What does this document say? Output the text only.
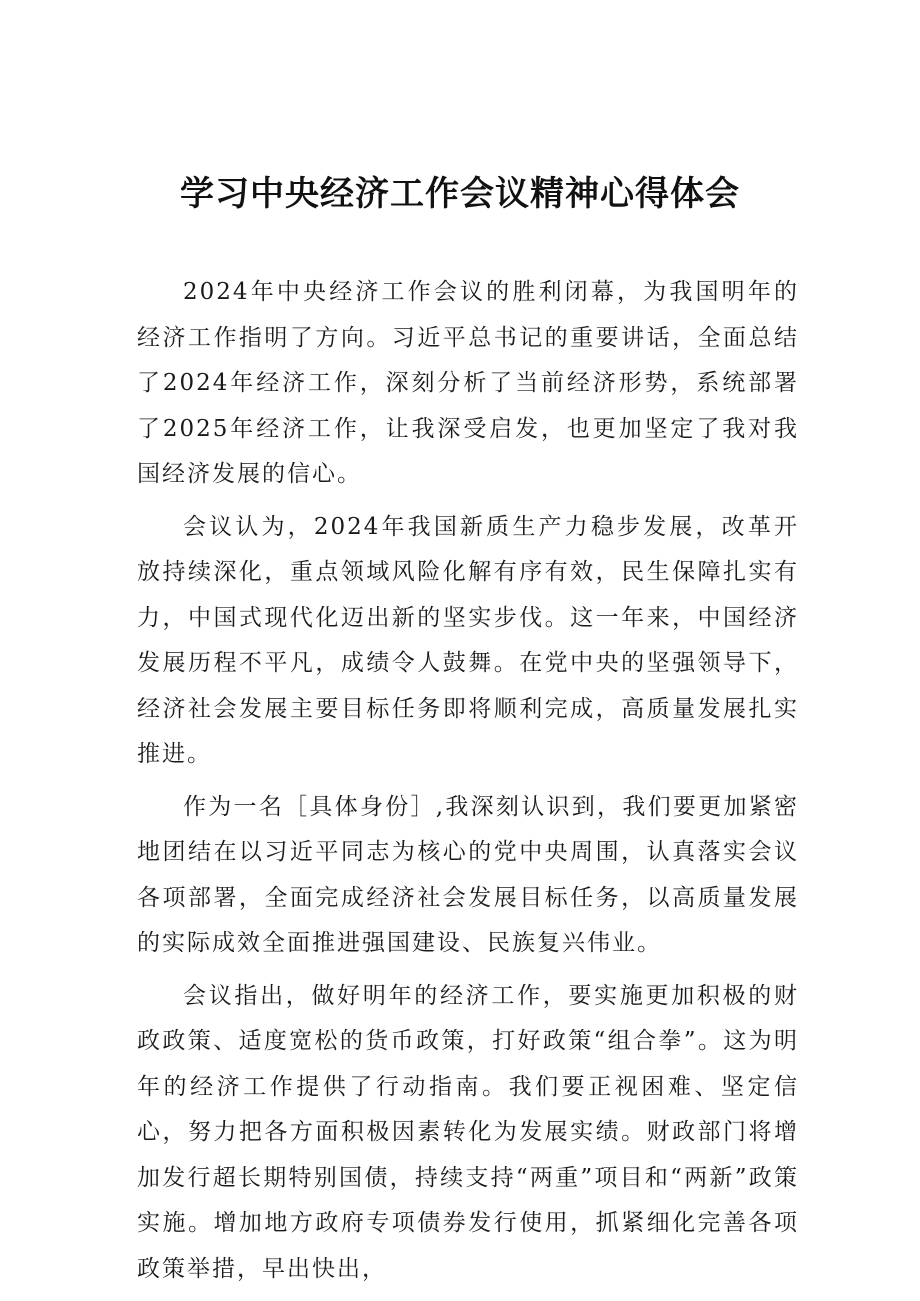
学习中央经济工作会议精神心得体会

2024年中央经济工作会议的胜利闭幕，为我国明年的经济工作指明了方向。习近平总书记的重要讲话，全面总结了2024年经济工作，深刻分析了当前经济形势，系统部署了2025年经济工作，让我深受启发，也更加坚定了我对我国经济发展的信心。

会议认为，2024年我国新质生产力稳步发展，改革开放持续深化，重点领域风险化解有序有效，民生保障扎实有力，中国式现代化迈出新的坚实步伐。这一年来，中国经济发展历程不平凡，成绩令人鼓舞。在党中央的坚强领导下，经济社会发展主要目标任务即将顺利完成，高质量发展扎实推进。

作为一名［具体身份］,我深刻认识到，我们要更加紧密地团结在以习近平同志为核心的党中央周围，认真落实会议各项部署，全面完成经济社会发展目标任务，以高质量发展的实际成效全面推进强国建设、民族复兴伟业。

会议指出，做好明年的经济工作，要实施更加积极的财政政策、适度宽松的货币政策，打好政策“组合拳”。这为明年的经济工作提供了行动指南。我们要正视困难、坚定信心，努力把各方面积极因素转化为发展实绩。财政部门将增加发行超长期特别国债，持续支持“两重”项目和“两新”政策实施。增加地方政府专项债券发行使用，抓紧细化完善各项政策举措，早出快出，
